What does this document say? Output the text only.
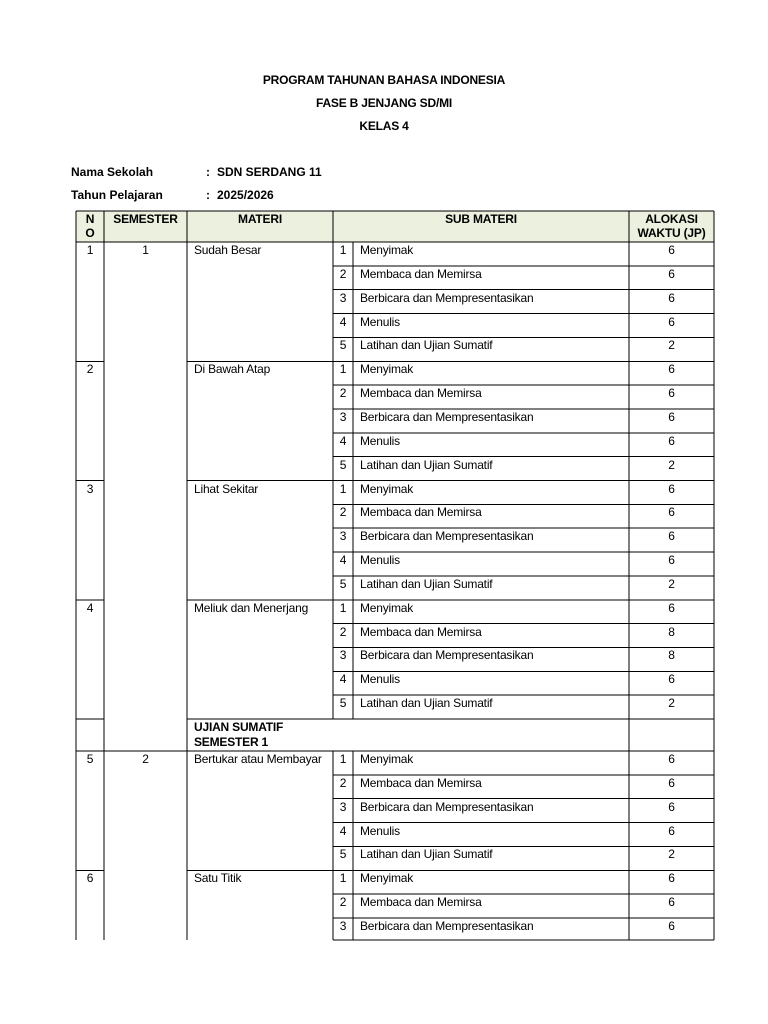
PROGRAM TAHUNAN BAHASA INDONESIA
FASE B JENJANG SD/MI
KELAS 4
Nama Sekolah	: SDN SERDANG 11
Tahun Pelajaran	: 2025/2026
N
O
SEMESTER	MATERI	SUB MATERI	ALOKASI
WAKTU (JP)
1	1	Sudah Besar	1	Menyimak	6
2	Membaca dan Memirsa	6
3	Berbicara dan Mempresentasikan	6
4	Menulis	6
5	Latihan dan Ujian Sumatif	2
2	Di Bawah Atap	1	Menyimak	6
2	Membaca dan Memirsa	6
3	Berbicara dan Mempresentasikan	6
4	Menulis	6
5	Latihan dan Ujian Sumatif	2
3	Lihat Sekitar	1	Menyimak	6
2	Membaca dan Memirsa	6
3	Berbicara dan Mempresentasikan	6
4	Menulis	6
5	Latihan dan Ujian Sumatif	2
4	Meliuk dan Menerjang	1	Menyimak	6
2	Membaca dan Memirsa	8
3	Berbicara dan Mempresentasikan	8
4	Menulis	6
5	Latihan dan Ujian Sumatif	2
UJIAN SUMATIF
SEMESTER 1
5	2	Bertukar atau Membayar	1	Menyimak	6
2	Membaca dan Memirsa	6
3	Berbicara dan Mempresentasikan	6
4	Menulis	6
5	Latihan dan Ujian Sumatif	2
6	Satu Titik	1	Menyimak	6
2	Membaca dan Memirsa	6
3	Berbicara dan Mempresentasikan	6
